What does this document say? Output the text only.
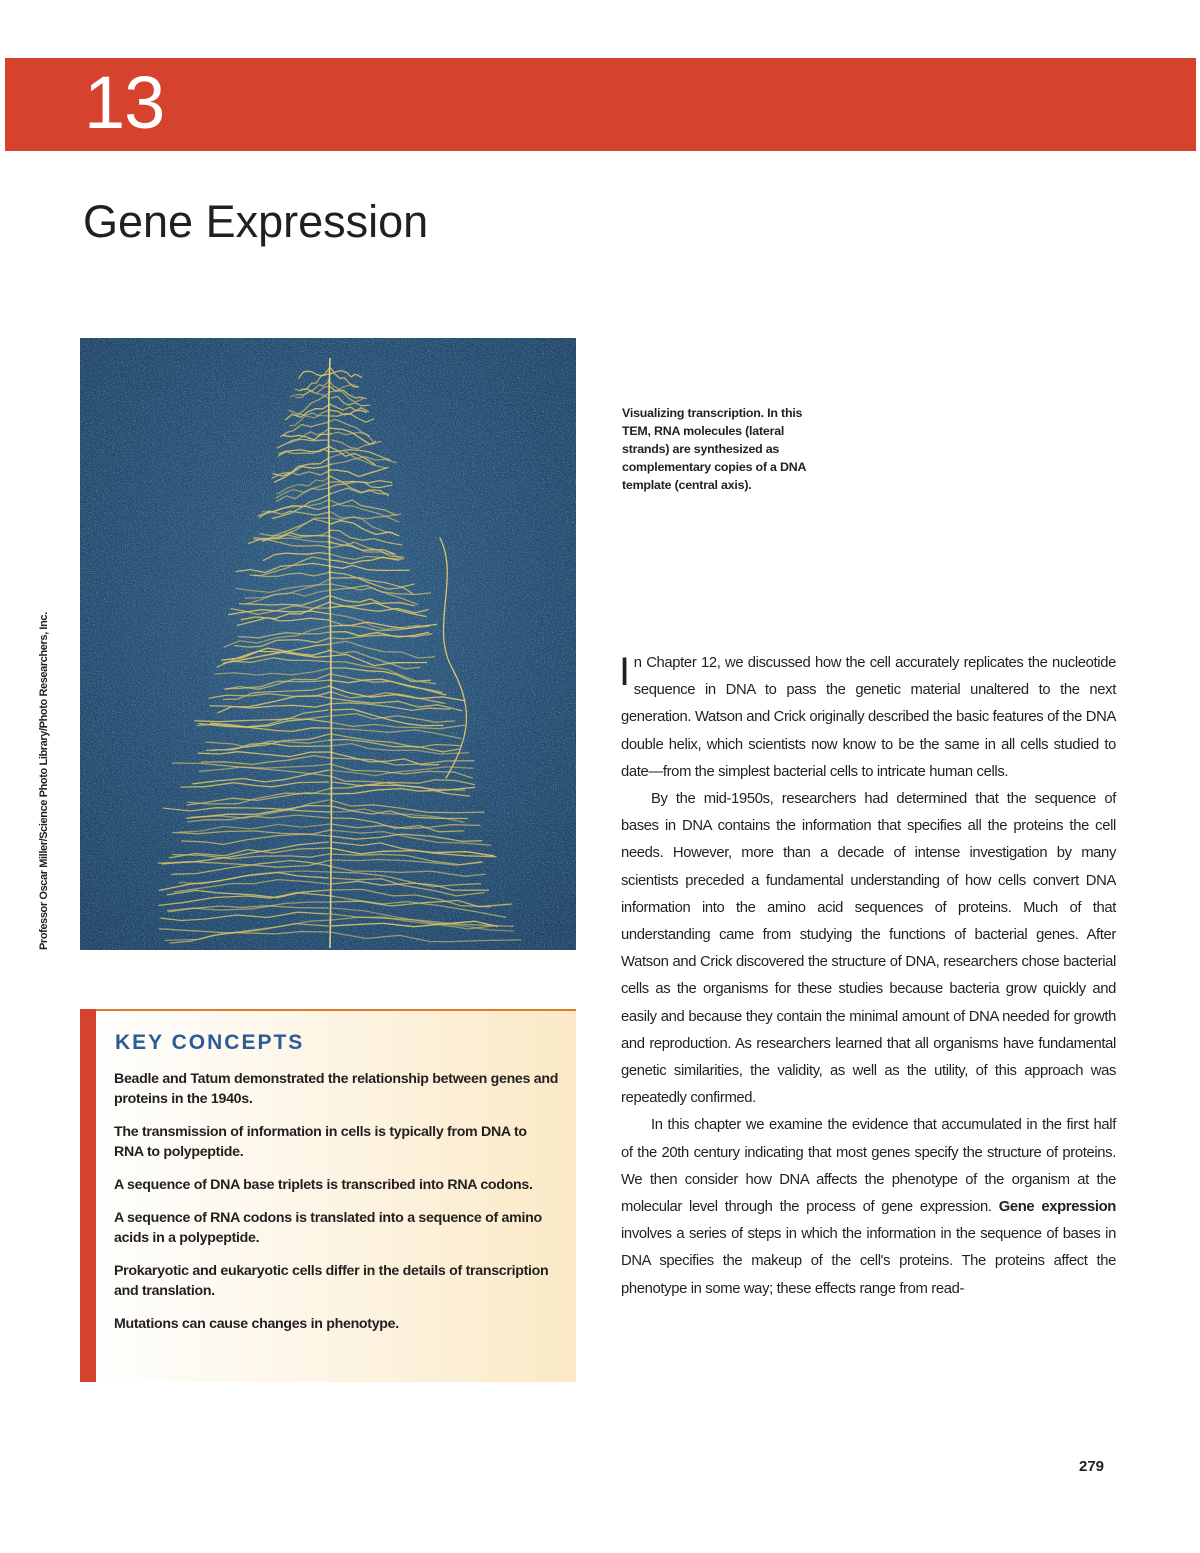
13
Gene Expression
Professor Oscar Miller/Science Photo Library/Photo Researchers, Inc.
Visualizing transcription. In this TEM, RNA molecules (lateral strands) are synthesized as complementary copies of a DNA template (central axis).
KEY CONCEPTS
Beadle and Tatum demonstrated the relationship between genes and proteins in the 1940s.
The transmission of information in cells is typically from DNA to RNA to polypeptide.
A sequence of DNA base triplets is transcribed into RNA codons.
A sequence of RNA codons is translated into a sequence of amino acids in a polypeptide.
Prokaryotic and eukaryotic cells differ in the details of transcription and translation.
Mutations can cause changes in phenotype.

In Chapter 12, we discussed how the cell accurately replicates the nucleotide sequence in DNA to pass the genetic material unaltered to the next generation. Watson and Crick originally described the basic features of the DNA double helix, which scientists now know to be the same in all cells studied to date—from the simplest bacterial cells to intricate human cells.

By the mid-1950s, researchers had determined that the sequence of bases in DNA contains the information that specifies all the proteins the cell needs. However, more than a decade of intense investigation by many scientists preceded a fundamental understanding of how cells convert DNA information into the amino acid sequences of proteins. Much of that understanding came from studying the functions of bacterial genes. After Watson and Crick discovered the structure of DNA, researchers chose bacterial cells as the organisms for these studies because bacteria grow quickly and easily and because they contain the minimal amount of DNA needed for growth and reproduction. As researchers learned that all organisms have fundamental genetic similarities, the validity, as well as the utility, of this approach was repeatedly confirmed.

In this chapter we examine the evidence that accumulated in the first half of the 20th century indicating that most genes specify the structure of proteins. We then consider how DNA affects the phenotype of the organism at the molecular level through the process of gene expression. Gene expression involves a series of steps in which the information in the sequence of bases in DNA specifies the makeup of the cell's proteins. The proteins affect the phenotype in some way; these effects range from read-

279
